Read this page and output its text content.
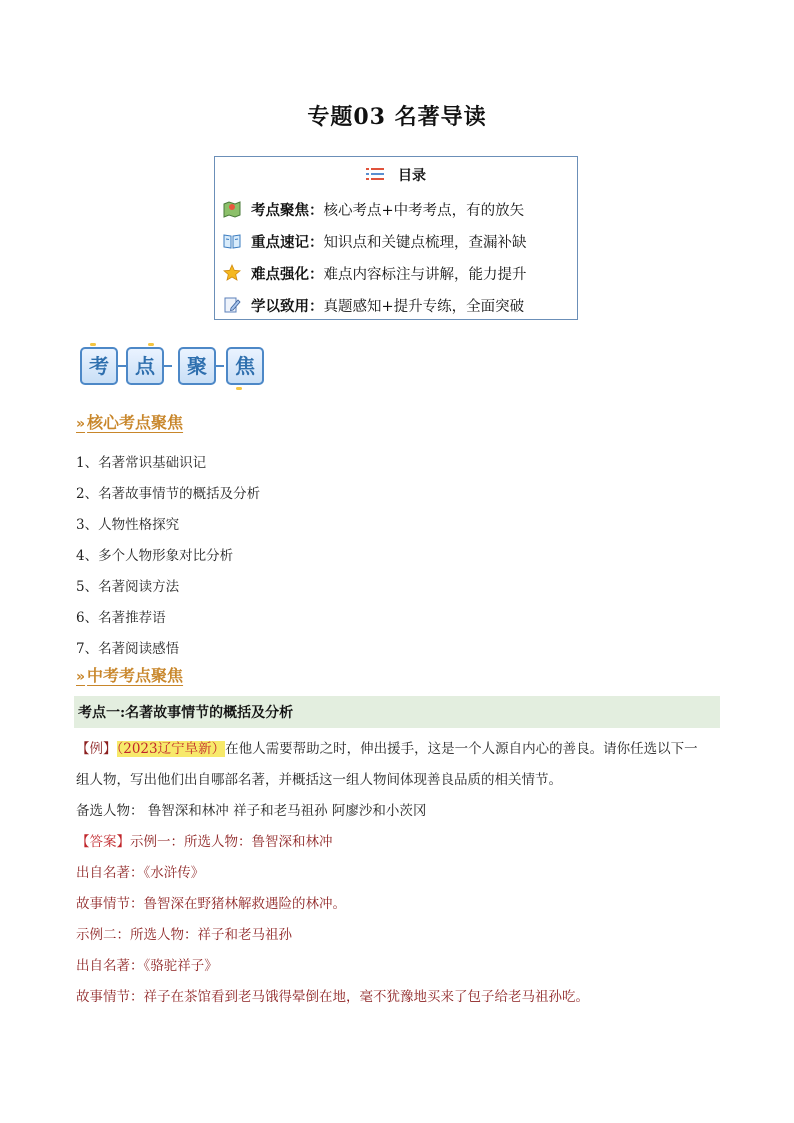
专题03 名著导读
目录
考点聚焦：核心考点+中考考点，有的放矢
重点速记：知识点和关键点梳理，查漏补缺
难点强化：难点内容标注与讲解，能力提升
学以致用：真题感知+提升专练，全面突破
考	点	聚	焦
» 核心考点聚焦
1、名著常识基础识记
2、名著故事情节的概括及分析
3、人物性格探究
4、多个人物形象对比分析
5、名著阅读方法
6、名著推荐语
7、名著阅读感悟
» 中考考点聚焦
考点一:名著故事情节的概括及分析
【例】（2023辽宁阜新）在他人需要帮助之时，伸出援手，这是一个人源自内心的善良。请你任选以下一
组人物，写出他们出自哪部名著，并概括这一组人物间体现善良品质的相关情节。
备选人物： 鲁智深和林冲 祥子和老马祖孙 阿廖沙和小茨冈
【答案】示例一：所选人物：鲁智深和林冲
出自名著：《水浒传》
故事情节：鲁智深在野猪林解救遇险的林冲。
示例二：所选人物：祥子和老马祖孙
出自名著：《骆驼祥子》
故事情节：祥子在茶馆看到老马饿得晕倒在地，毫不犹豫地买来了包子给老马祖孙吃。
